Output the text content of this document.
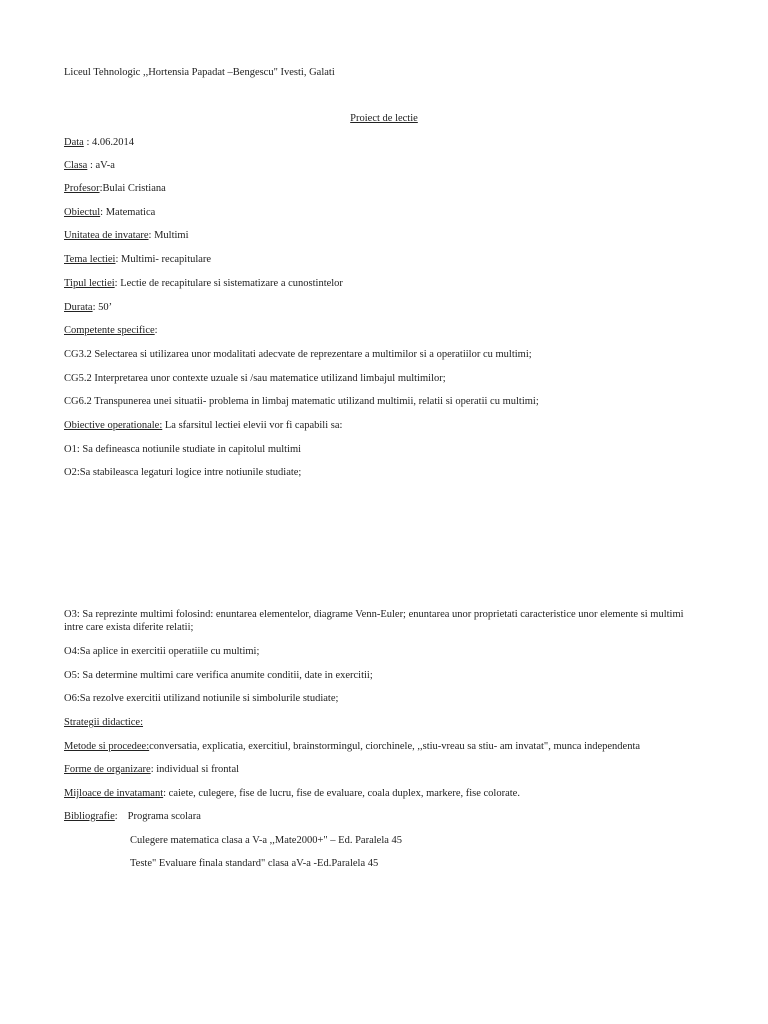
Liceul Tehnologic ,,Hortensia Papadat –Bengescu" Ivesti, Galati
Proiect de lectie
Data : 4.06.2014
Clasa : aV-a
Profesor:Bulai Cristiana
Obiectul: Matematica
Unitatea de invatare: Multimi
Tema lectiei: Multimi- recapitulare
Tipul lectiei: Lectie de recapitulare si sistematizare a cunostintelor
Durata: 50’
Competente specifice:
CG3.2 Selectarea si utilizarea unor modalitati adecvate de reprezentare a multimilor si a operatiilor cu multimi;
CG5.2 Interpretarea unor contexte uzuale si /sau matematice utilizand limbajul multimilor;
CG6.2 Transpunerea unei situatii- problema in limbaj matematic utilizand multimii, relatii si operatii cu multimi;
Obiective operationale: La sfarsitul lectiei elevii vor fi capabili sa:
O1: Sa defineasca notiunile studiate in capitolul multimi
O2:Sa stabileasca legaturi logice intre notiunile studiate;
O3: Sa reprezinte multimi folosind: enuntarea elementelor, diagrame Venn-Euler; enuntarea unor proprietati caracteristice unor elemente si multimi intre care exista diferite relatii;
O4:Sa aplice in exercitii operatiile cu multimi;
O5: Sa determine multimi care verifica anumite conditii, date in exercitii;
O6:Sa rezolve exercitii utilizand notiunile si simbolurile studiate;
Strategii didactice:
Metode si procedee:conversatia, explicatia, exercitiul, brainstormingul, ciorchinele, ,,stiu-vreau sa stiu- am invatat", munca independenta
Forme de organizare: individual si frontal
Mijloace de invatamant: caiete, culegere, fise de lucru, fise de evaluare, coala duplex, markere, fise colorate.
Bibliografie: Programa scolara
Culegere matematica clasa a V-a ,,Mate2000+" – Ed. Paralela 45
Teste" Evaluare finala standard" clasa aV-a -Ed.Paralela 45
